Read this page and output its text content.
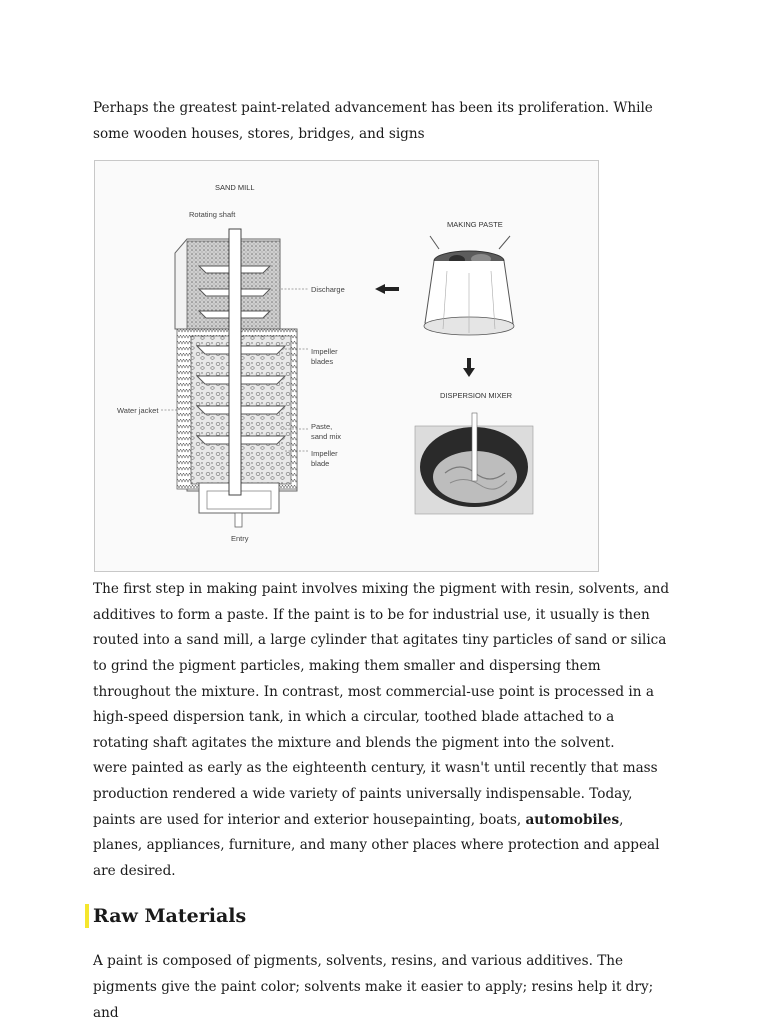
Perhaps the greatest paint-related advancement has been its proliferation. While some wooden houses, stores, bridges, and signs

SAND MILL
Rotating shaft
Entry
Discharge
Impeller
blades
Water jacket
Paste,
sand mix
Impeller
blade
MAKING PASTE
DISPERSION MIXER

The first step in making paint involves mixing the pigment with resin, solvents, and additives to form a paste. If the paint is to be for industrial use, it usually is then routed into a sand mill, a large cylinder that agitates tiny particles of sand or silica to grind the pigment particles, making them smaller and dispersing them throughout the mixture. In contrast, most commercial-use point is processed in a high-speed dispersion tank, in which a circular, toothed blade attached to a rotating shaft agitates the mixture and blends the pigment into the solvent.
were painted as early as the eighteenth century, it wasn't until recently that mass production rendered a wide variety of paints universally indispensable. Today, paints are used for interior and exterior housepainting, boats, automobiles, planes, appliances, furniture, and many other places where protection and appeal are desired.

Raw Materials

A paint is composed of pigments, solvents, resins, and various additives. The pigments give the paint color; solvents make it easier to apply; resins help it dry; and
